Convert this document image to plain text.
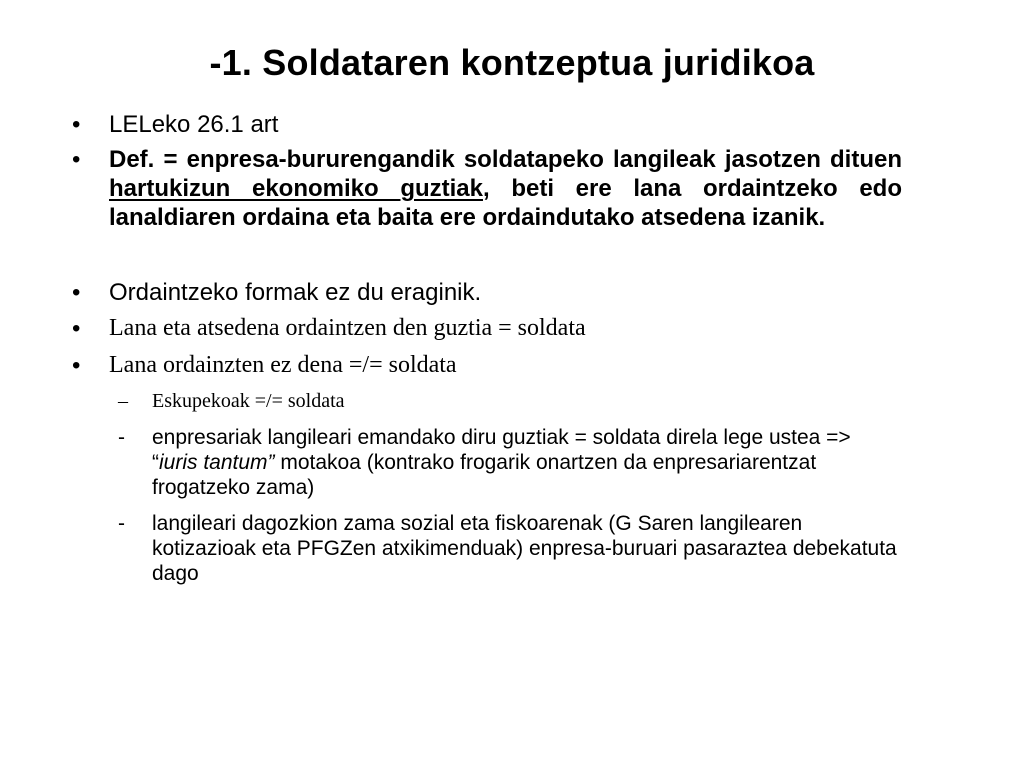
-1. Soldataren kontzeptua juridikoa
• LELeko 26.1 art
• Def. = enpresa-bururengandik soldatapeko langileak jasotzen dituen hartukizun ekonomiko guztiak, beti ere lana ordaintzeko edo lanaldiaren ordaina eta baita ere ordaindutako atsedena izanik.
• Ordaintzeko formak ez du eraginik.
• Lana eta atsedena ordaintzen den guztia = soldata
• Lana ordainzten ez dena =/= soldata
– Eskupekoak =/= soldata
- enpresariak langileari emandako diru guztiak = soldata direla lege ustea => “iuris tantum” motakoa (kontrako frogarik onartzen da enpresariarentzat frogatzeko zama)
- langileari dagozkion zama sozial eta fiskoarenak (G Saren langilearen kotizazioak eta PFGZen atxikimenduak) enpresa-buruari pasaraztea debekatuta dago
